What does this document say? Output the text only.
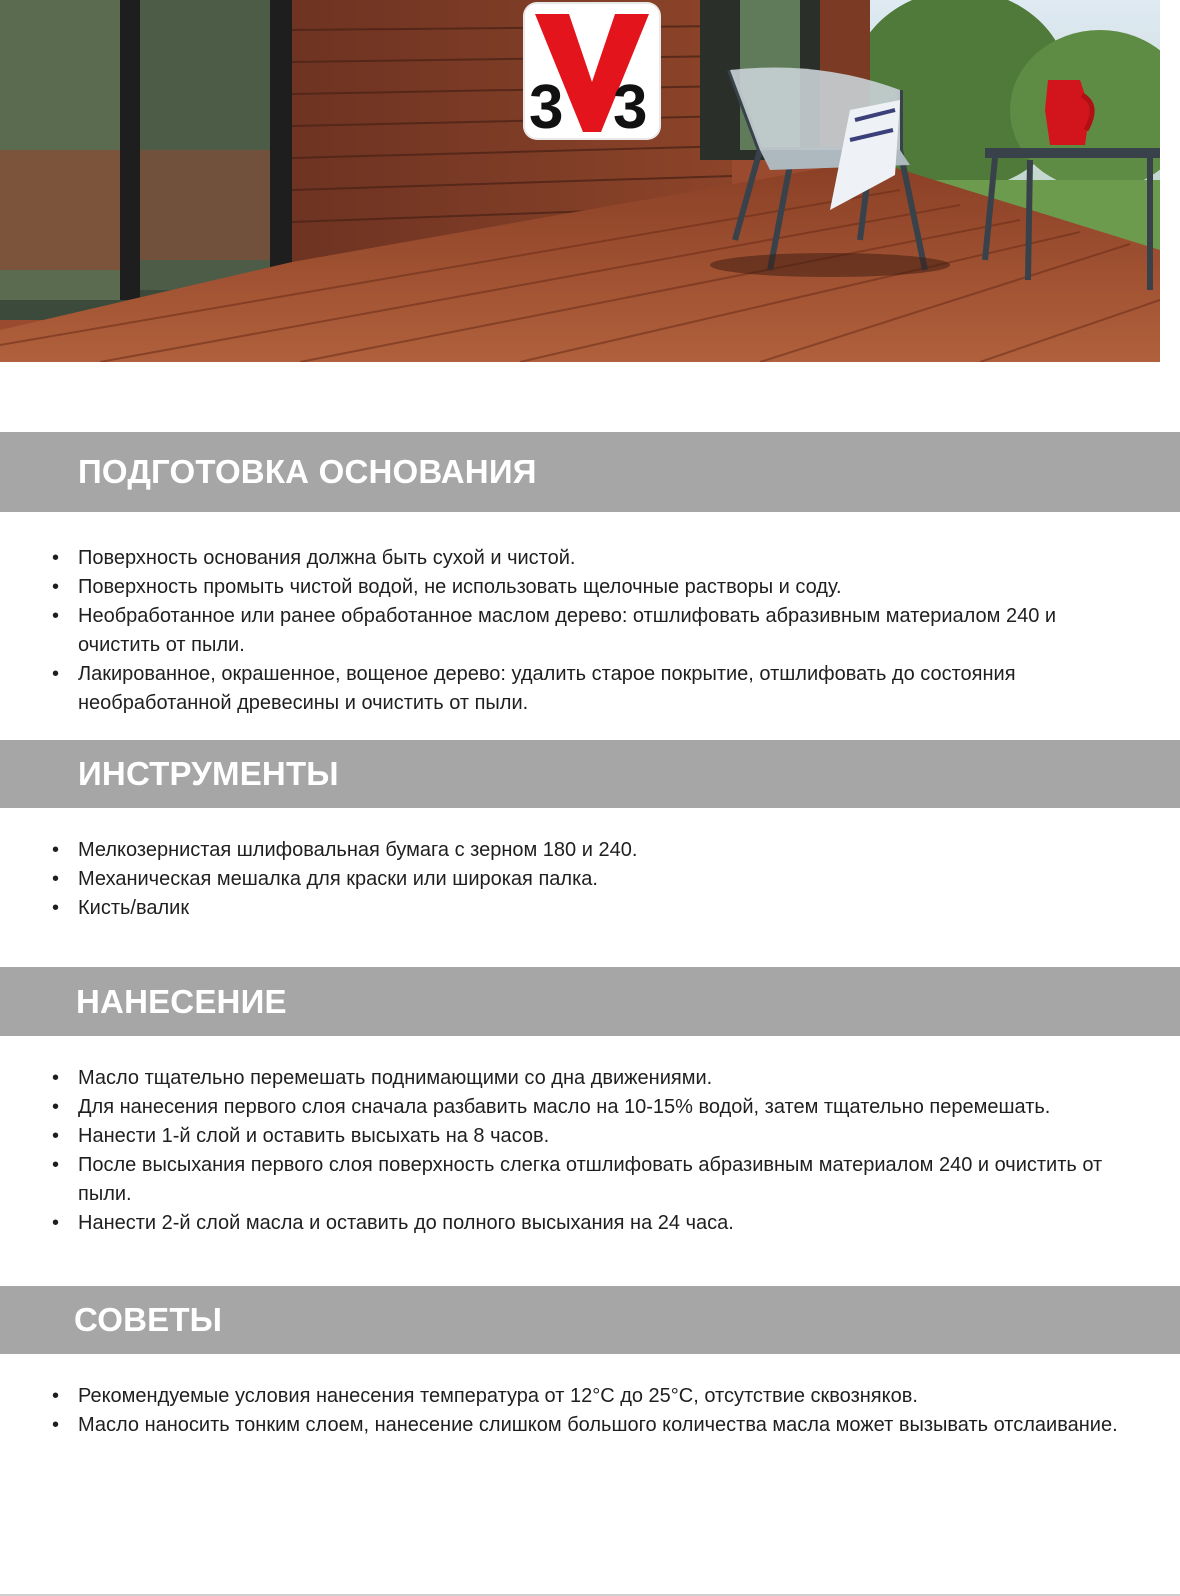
3 3
ПОДГОТОВКА ОСНОВАНИЯ
• Поверхность основания должна быть сухой и чистой.
• Поверхность промыть чистой водой, не использовать щелочные растворы и соду.
• Необработанное или ранее обработанное маслом дерево: отшлифовать абразивным материалом 240 и очистить от пыли.
• Лакированное, окрашенное, вощеное дерево: удалить старое покрытие, отшлифовать до состояния необработанной древесины и очистить от пыли.
ИНСТРУМЕНТЫ
• Мелкозернистая шлифовальная бумага с зерном 180 и 240.
• Механическая мешалка для краски или широкая палка.
• Кисть/валик
НАНЕСЕНИЕ
• Масло тщательно перемешать поднимающими со дна движениями.
• Для нанесения первого слоя сначала разбавить масло на 10-15% водой, затем тщательно перемешать.
• Нанести 1-й слой и оставить высыхать на 8 часов.
• После высыхания первого слоя поверхность слегка отшлифовать абразивным материалом 240 и очистить от пыли.
• Нанести 2-й слой масла и оставить до полного высыхания на 24 часа.
СОВЕТЫ
• Рекомендуемые условия нанесения температура от 12°C до 25°C, отсутствие сквозняков.
• Масло наносить тонким слоем, нанесение слишком большого количества масла может вызывать отслаивание.
